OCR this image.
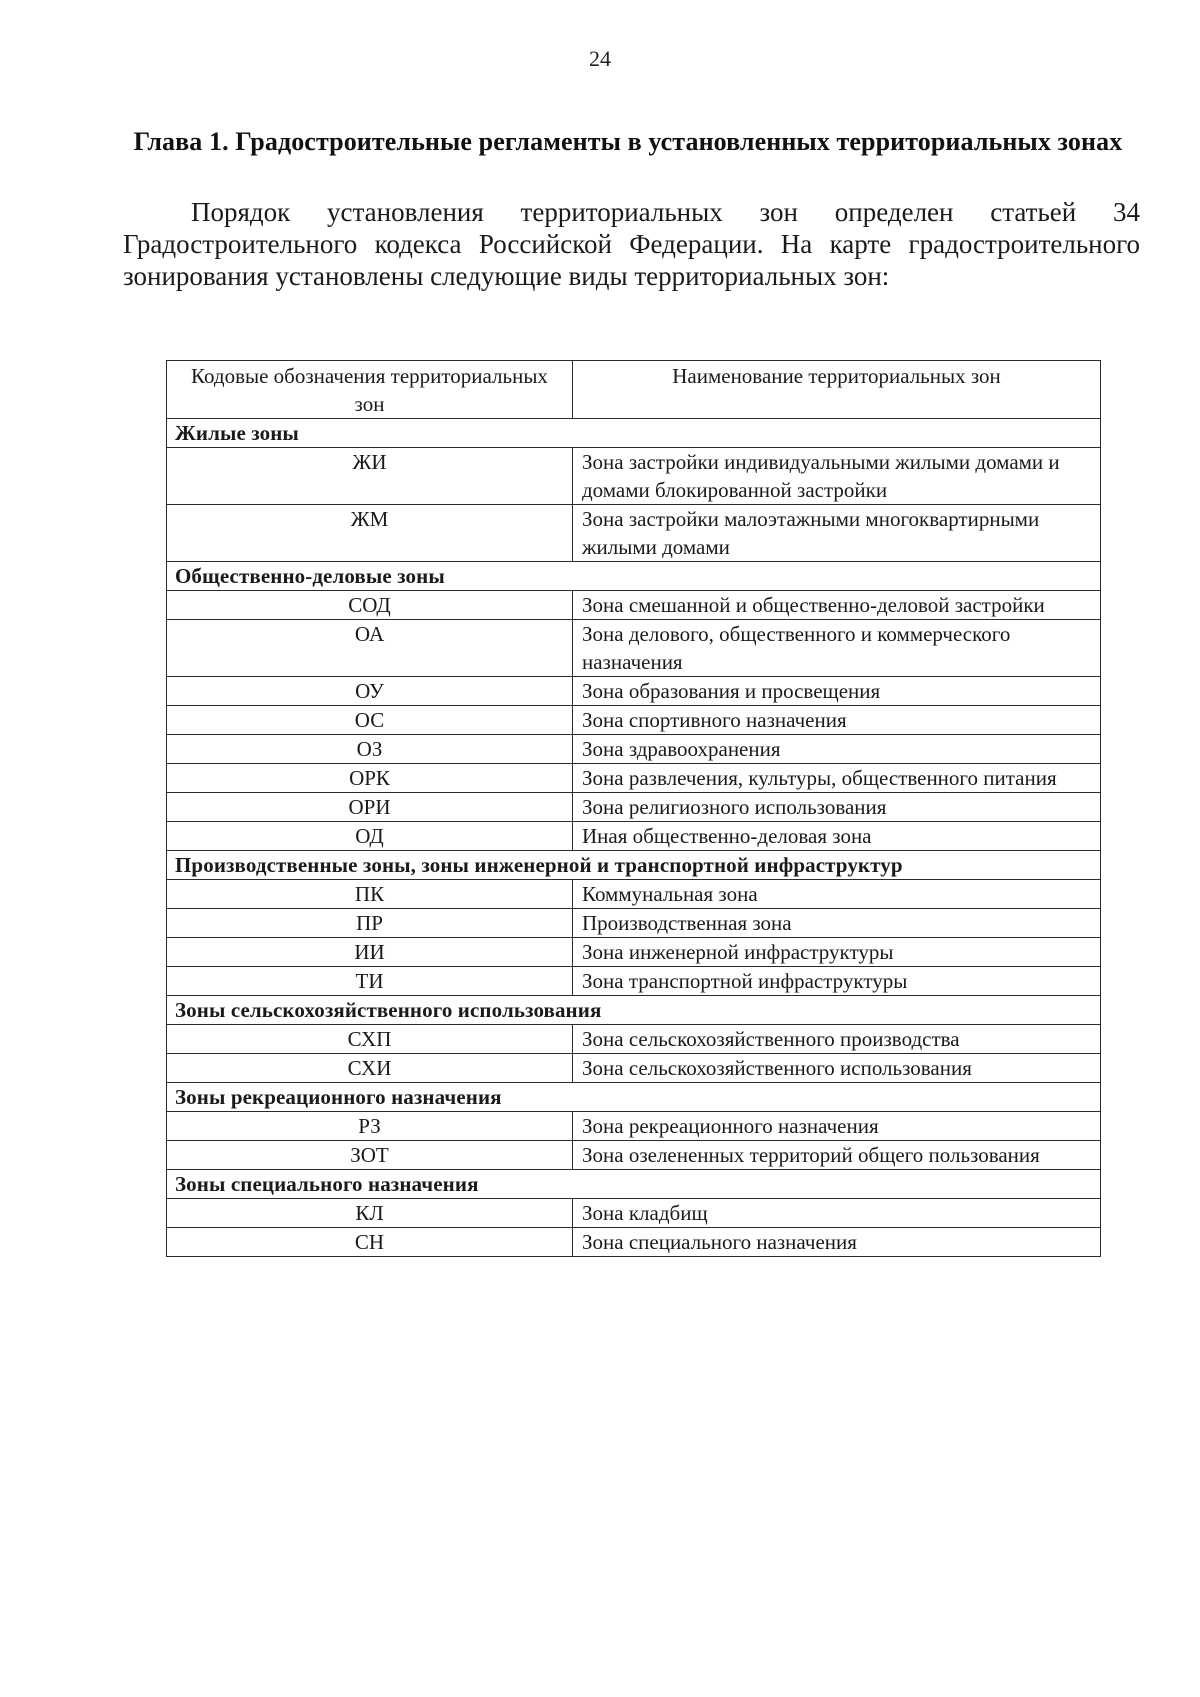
24
Глава 1. Градостроительные регламенты в установленных территориальных зонах

Порядок установления территориальных зон определен статьей 34 Градостроительного кодекса Российской Федерации. На карте градостроительного зонирования установлены следующие виды территориальных зон:

Кодовые обозначения территориальных зон	Наименование территориальных зон
Жилые зоны	
ЖИ	Зона застройки индивидуальными жилыми домами и домами блокированной застройки
ЖМ	Зона застройки малоэтажными многоквартирными жилыми домами
Общественно-деловые зоны	
СОД	Зона смешанной и общественно-деловой застройки
ОА	Зона делового, общественного и коммерческого назначения
ОУ	Зона образования и просвещения
ОС	Зона спортивного назначения
ОЗ	Зона здравоохранения
ОРК	Зона развлечения, культуры, общественного питания
ОРИ	Зона религиозного использования
ОД	Иная общественно-деловая зона
Производственные зоны, зоны инженерной и транспортной инфраструктур	
ПК	Коммунальная зона
ПР	Производственная зона
ИИ	Зона инженерной инфраструктуры
ТИ	Зона транспортной инфраструктуры
Зоны сельскохозяйственного использования	
СХП	Зона сельскохозяйственного производства
СХИ	Зона сельскохозяйственного использования
Зоны рекреационного назначения	
РЗ	Зона рекреационного назначения
ЗОТ	Зона озелененных территорий общего пользования
Зоны специального назначения	
КЛ	Зона кладбищ
СН	Зона специального назначения
